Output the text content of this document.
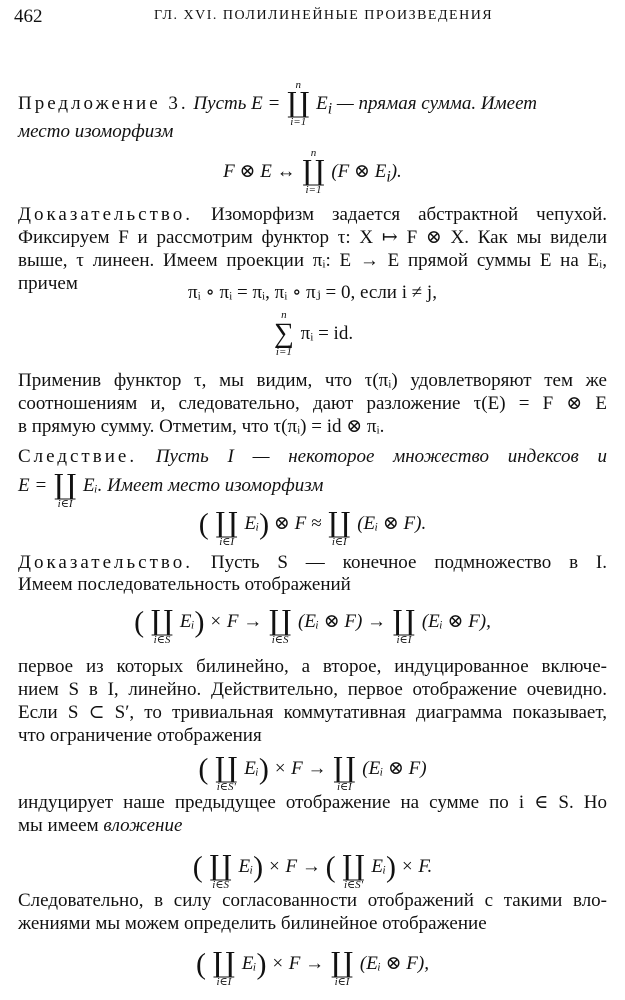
462	ГЛ. XVI. ПОЛИЛИНЕЙНЫЕ ПРОИЗВЕДЕНИЯ
Предложение 3. Пусть E =
n
∐
i=1
$E_i$ — прямая сумма. Имеет
место изоморфизм
F ⊗ E ↔
n
∐
i=1
(F ⊗ $E_i$).
Доказательство. Изоморфизм задается абстрактной чепухой.
Фиксируем F и рассмотрим функтор τ: X ↦ F ⊗ X. Как мы видели
выше, τ линеен. Имеем проекции πᵢ: E → E прямой суммы E на Eᵢ,
причем	πᵢ ∘ πᵢ = πᵢ, πᵢ ∘ πⱼ = 0, если i ≠ j,
n
∑
i=1
πᵢ = id.
Применив функтор τ, мы видим, что τ(πᵢ) удовлетворяют тем же
соотношениям и, следовательно, дают разложение τ(E) = F ⊗ E
в прямую сумму. Отметим, что τ(πᵢ) = id ⊗ πᵢ.
Следствие. Пусть I — некоторое множество индексов и
E = ∐
i∈I
Eᵢ. Имеет место изоморфизм
( ∐
i∈I
Eᵢ) ⊗ F ≈ ∐
i∈I
(Eᵢ ⊗ F).
Доказательство. Пусть S — конечное подмножество в I.
Имеем последовательность отображений
( ∐
i∈S
Eᵢ) × F → ∐
i∈S
(Eᵢ ⊗ F) → ∐
i∈I
(Eᵢ ⊗ F),
первое из которых билинейно, а второе, индуцированное включе-
нием S в I, линейно. Действительно, первое отображение очевидно.
Если S ⊂ S′, то тривиальная коммутативная диаграмма показывает,
что ограничение отображения
( ∐
i∈S'
Eᵢ) × F → ∐
i∈I
(Eᵢ ⊗ F)
индуцирует наше предыдущее отображение на сумме по i ∈ S. Но
мы имеем вложение
( ∐
i∈S
Eᵢ) × F → ( ∐
i∈S'
Eᵢ) × F.
Следовательно, в силу согласованности отображений с такими вло-
жениями мы можем определить билинейное отображение
( ∐
i∈I
Eᵢ) × F → ∐
i∈I
(Eᵢ ⊗ F),
